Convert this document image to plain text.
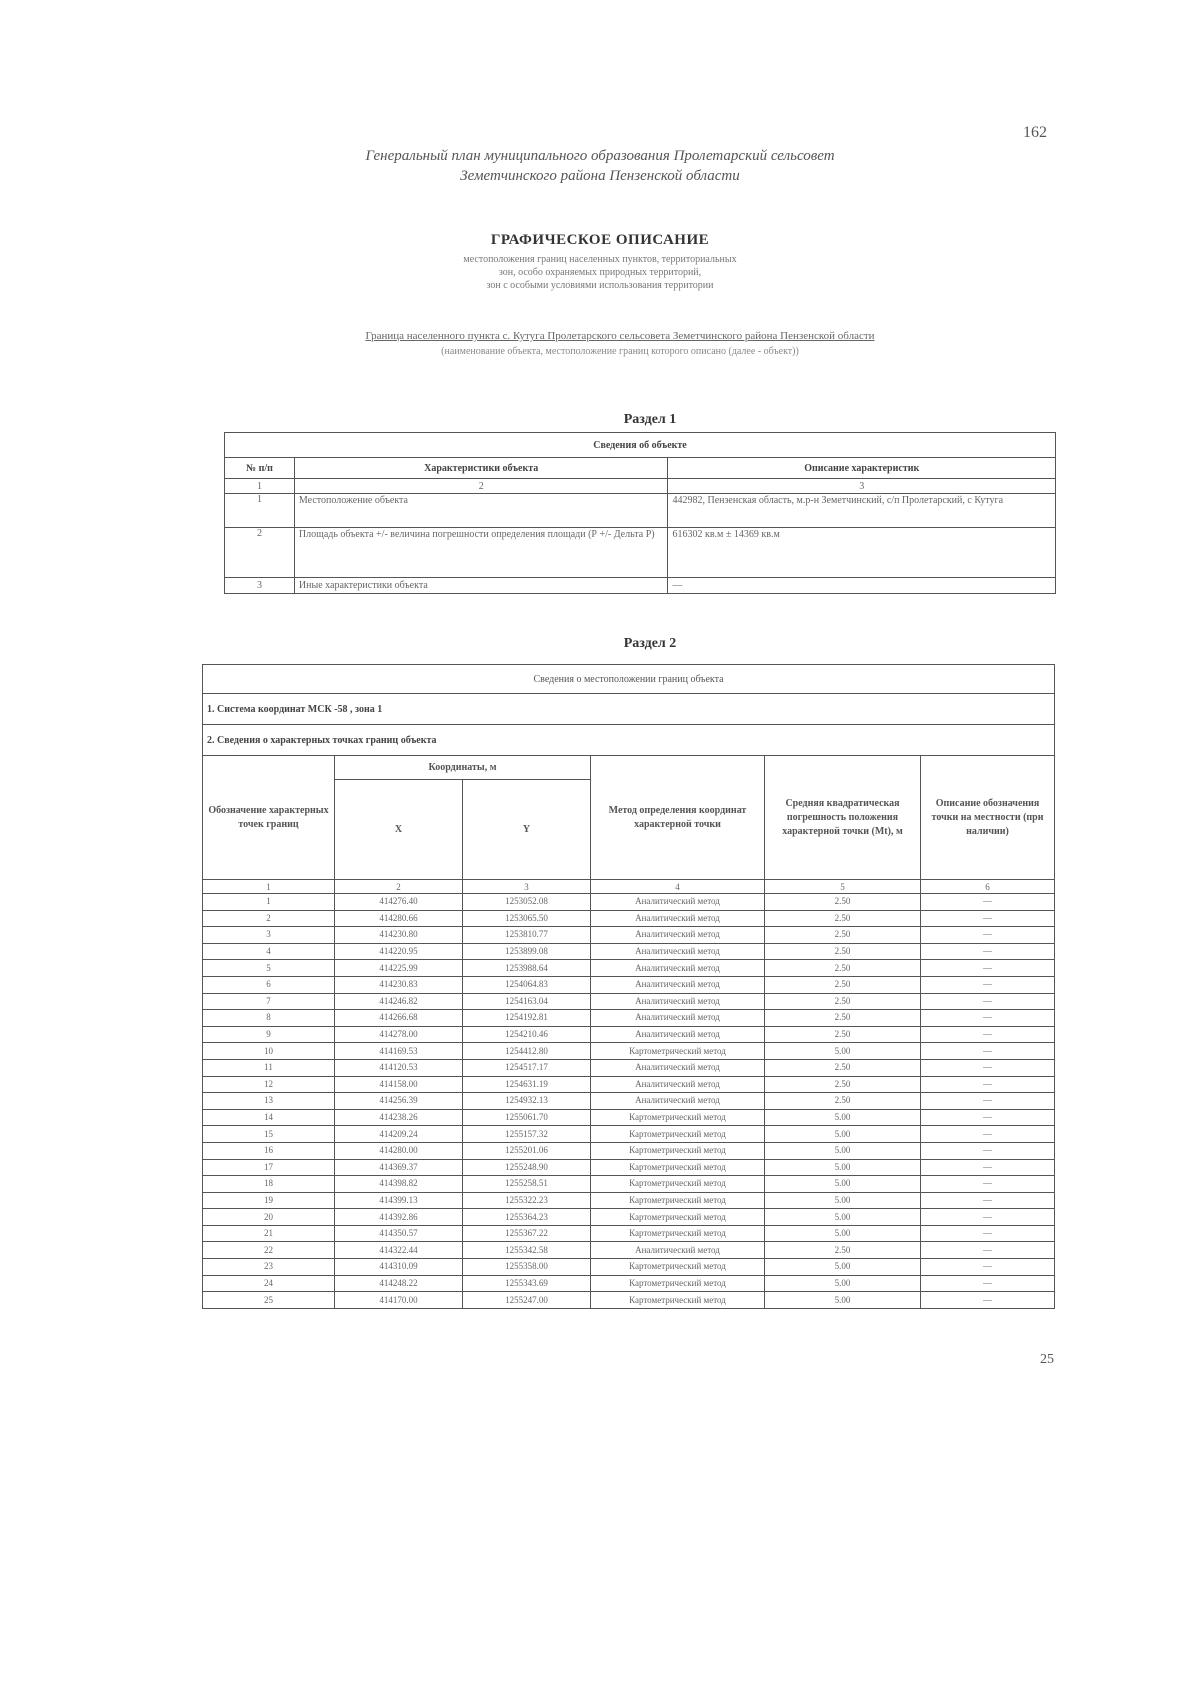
162
Генеральный план муниципального образования Пролетарский сельсовет
Земетчинского района Пензенской области
ГРАФИЧЕСКОЕ ОПИСАНИЕ
местоположения границ населенных пунктов, территориальных
зон, особо охраняемых природных территорий,
зон с особыми условиями использования территории
Граница населенного пункта с. Кутуга Пролетарского сельсовета Земетчинского района Пензенской области
(наименование объекта, местоположение границ которого описано (далее - объект))
Раздел 1
Сведения об объекте		
№ п/п	Характеристики объекта	Описание характеристик
1	2	3
1	Местоположение объекта	442982, Пензенская область, м.р-н Земетчинский, с/п Пролетарский, с Кутуга
2	Площадь объекта +/- величина погрешности определения площади (Р +/- Дельта Р)	616302 кв.м ± 14369 кв.м
3	Иные характеристики объекта	—
Раздел 2
Сведения о местоположении границ объекта					
1. Система координат МСК -58 , зона 1					
2. Сведения о характерных точках границ объекта					
Обозначение характерных точек границ	Координаты, м		Метод определения координат характерной точки	Средняя квадратическая погрешность положения характерной точки (Мt), м	Описание обозначения точки на местности (при наличии)
	X	Y			
1	2	3	4	5	6
1	414276.40	1253052.08	Аналитический метод	2.50	—
2	414280.66	1253065.50	Аналитический метод	2.50	—
3	414230.80	1253810.77	Аналитический метод	2.50	—
4	414220.95	1253899.08	Аналитический метод	2.50	—
5	414225.99	1253988.64	Аналитический метод	2.50	—
6	414230.83	1254064.83	Аналитический метод	2.50	—
7	414246.82	1254163.04	Аналитический метод	2.50	—
8	414266.68	1254192.81	Аналитический метод	2.50	—
9	414278.00	1254210.46	Аналитический метод	2.50	—
10	414169.53	1254412.80	Картометрический метод	5.00	—
11	414120.53	1254517.17	Аналитический метод	2.50	—
12	414158.00	1254631.19	Аналитический метод	2.50	—
13	414256.39	1254932.13	Аналитический метод	2.50	—
14	414238.26	1255061.70	Картометрический метод	5.00	—
15	414209.24	1255157.32	Картометрический метод	5.00	—
16	414280.00	1255201.06	Картометрический метод	5.00	—
17	414369.37	1255248.90	Картометрический метод	5.00	—
18	414398.82	1255258.51	Картометрический метод	5.00	—
19	414399.13	1255322.23	Картометрический метод	5.00	—
20	414392.86	1255364.23	Картометрический метод	5.00	—
21	414350.57	1255367.22	Картометрический метод	5.00	—
22	414322.44	1255342.58	Аналитический метод	2.50	—
23	414310.09	1255358.00	Картометрический метод	5.00	—
24	414248.22	1255343.69	Картометрический метод	5.00	—
25	414170.00	1255247.00	Картометрический метод	5.00	—
25
